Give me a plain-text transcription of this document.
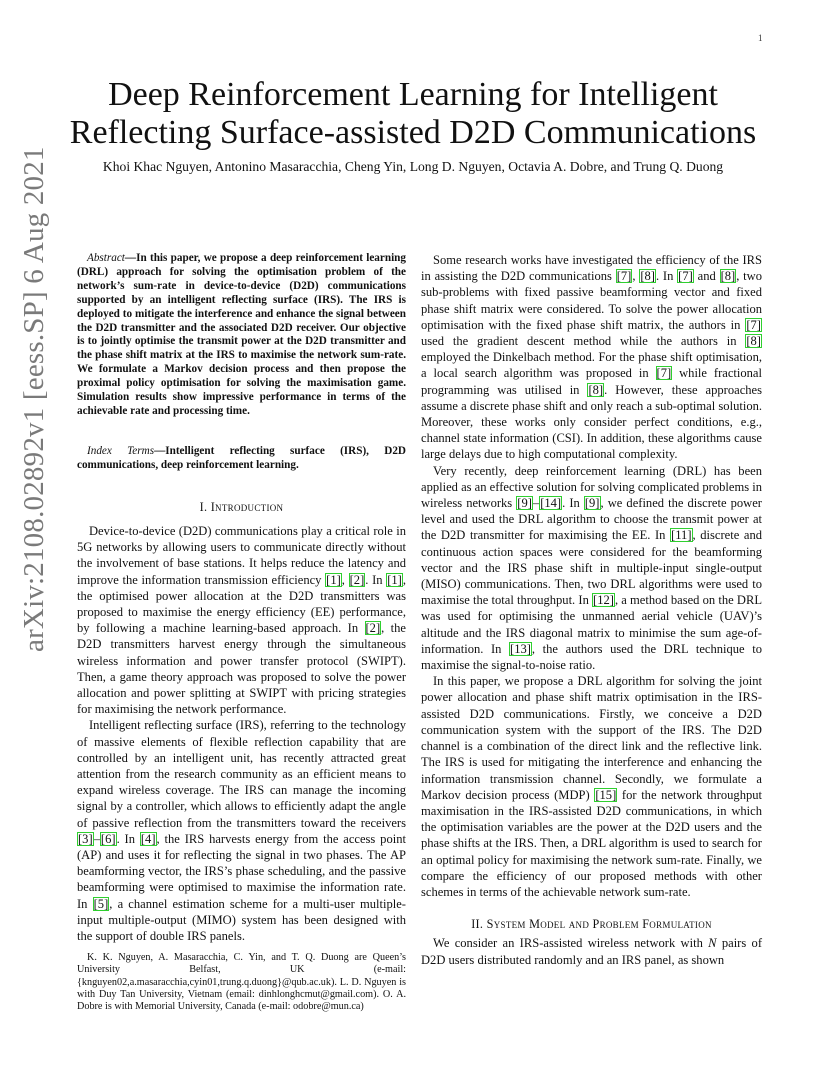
1
arXiv:2108.02892v1 [eess.SP] 6 Aug 2021
Deep Reinforcement Learning for Intelligent
Reflecting Surface-assisted D2D Communications
Khoi Khac Nguyen, Antonino Masaracchia, Cheng Yin, Long D. Nguyen, Octavia A. Dobre, and Trung Q. Duong

Abstract—In this paper, we propose a deep reinforcement learning (DRL) approach for solving the optimisation problem of the network’s sum-rate in device-to-device (D2D) communications supported by an intelligent reflecting surface (IRS). The IRS is deployed to mitigate the interference and enhance the signal between the D2D transmitter and the associated D2D receiver. Our objective is to jointly optimise the transmit power at the D2D transmitter and the phase shift matrix at the IRS to maximise the network sum-rate. We formulate a Markov decision process and then propose the proximal policy optimisation for solving the maximisation game. Simulation results show impressive performance in terms of the achievable rate and processing time.

Index Terms—Intelligent reflecting surface (IRS), D2D communications, deep reinforcement learning.

I. Introduction

Device-to-device (D2D) communications play a critical role in 5G networks by allowing users to communicate directly without the involvement of base stations. It helps reduce the latency and improve the information transmission efficiency [1], [2]. In [1], the optimised power allocation at the D2D transmitters was proposed to maximise the energy efficiency (EE) performance, by following a machine learning-based approach. In [2], the D2D transmitters harvest energy through the simultaneous wireless information and power transfer protocol (SWIPT). Then, a game theory approach was proposed to solve the power allocation and power splitting at SWIPT with pricing strategies for maximising the network performance.

Intelligent reflecting surface (IRS), referring to the technology of massive elements of flexible reflection capability that are controlled by an intelligent unit, has recently attracted great attention from the research community as an efficient means to expand wireless coverage. The IRS can manage the incoming signal by a controller, which allows to efficiently adapt the angle of passive reflection from the transmitters toward the receivers [3]–[6]. In [4], the IRS harvests energy from the access point (AP) and uses it for reflecting the signal in two phases. The AP beamforming vector, the IRS’s phase scheduling, and the passive beamforming were optimised to maximise the information rate. In [5], a channel estimation scheme for a multi-user multiple-input multiple-output (MIMO) system has been designed with the support of double IRS panels.

K. K. Nguyen, A. Masaracchia, C. Yin, and T. Q. Duong are Queen’s University Belfast, UK (e-mail: {knguyen02,a.masaracchia,cyin01,trung.q.duong}@qub.ac.uk). L. D. Nguyen is with Duy Tan University, Vietnam (email: dinhlonghcmut@gmail.com). O. A. Dobre is with Memorial University, Canada (e-mail: odobre@mun.ca)

Some research works have investigated the efficiency of the IRS in assisting the D2D communications [7], [8]. In [7] and [8], two sub-problems with fixed passive beamforming vector and fixed phase shift matrix were considered. To solve the power allocation optimisation with the fixed phase shift matrix, the authors in [7] used the gradient descent method while the authors in [8] employed the Dinkelbach method. For the phase shift optimisation, a local search algorithm was proposed in [7] while fractional programming was utilised in [8]. However, these approaches assume a discrete phase shift and only reach a sub-optimal solution. Moreover, these works only consider perfect conditions, e.g., channel state information (CSI). In addition, these algorithms cause large delays due to high computational complexity.

Very recently, deep reinforcement learning (DRL) has been applied as an effective solution for solving complicated problems in wireless networks [9]–[14]. In [9], we defined the discrete power level and used the DRL algorithm to choose the transmit power at the D2D transmitter for maximising the EE. In [11], discrete and continuous action spaces were considered for the beamforming vector and the IRS phase shift in multiple-input single-output (MISO) communications. Then, two DRL algorithms were used to maximise the total throughput. In [12], a method based on the DRL was used for optimising the unmanned aerial vehicle (UAV)’s altitude and the IRS diagonal matrix to minimise the sum age-of-information. In [13], the authors used the DRL technique to maximise the signal-to-noise ratio.

In this paper, we propose a DRL algorithm for solving the joint power allocation and phase shift matrix optimisation in the IRS-assisted D2D communications. Firstly, we conceive a D2D communication system with the support of the IRS. The D2D channel is a combination of the direct link and the reflective link. The IRS is used for mitigating the interference and enhancing the information transmission channel. Secondly, we formulate a Markov decision process (MDP) [15] for the network throughput maximisation in the IRS-assisted D2D communications, in which the optimisation variables are the power at the D2D users and the phase shifts at the IRS. Then, a DRL algorithm is used to search for an optimal policy for maximising the network sum-rate. Finally, we compare the efficiency of our proposed methods with other schemes in terms of the achievable network sum-rate.

II. System Model and Problem Formulation

We consider an IRS-assisted wireless network with N pairs of D2D users distributed randomly and an IRS panel, as shown
